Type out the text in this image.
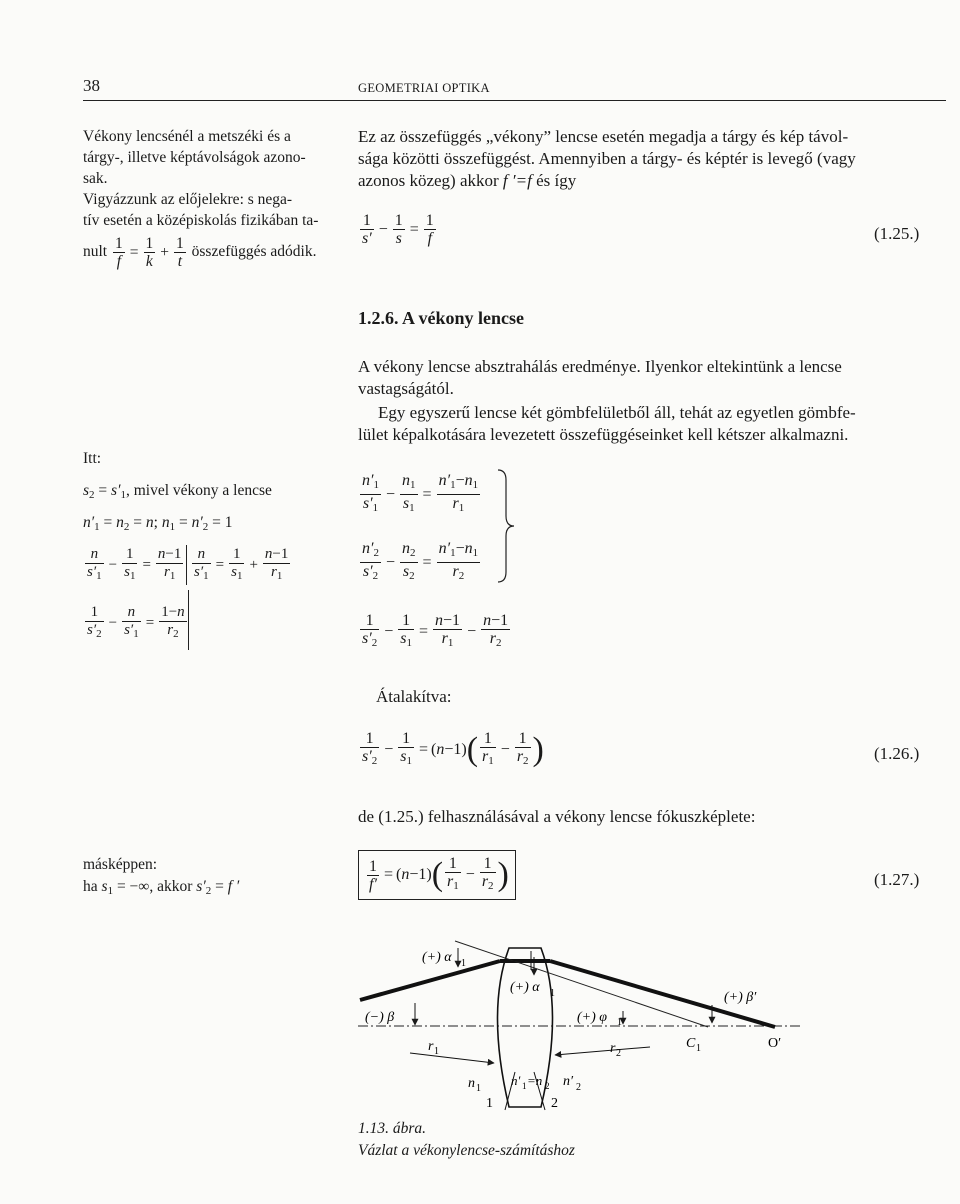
38	GEOMETRIAI OPTIKA
Vékony lencsénél a metszéki és a
tárgy-, illetve képtávolságok azono-
sak.
Vigyázzunk az előjelekre: s nega-
tív esetén a középiskolás fizikában ta-
nult $\frac{1}{f} = \frac{1}{k} + \frac{1}{t}$ összefüggés adódik.
Ez az összefüggés „vékony” lencse esetén megadja a tárgy és kép távol-
sága közötti összefüggést. Amennyiben a tárgy- és képtér is levegő (vagy
azonos közeg) akkor f ′=f és így
$\frac{1}{s'} - \frac{1}{s} = \frac{1}{f}$	(1.25.)
1.2.6. A vékony lencse
A vékony lencse absztrahálás eredménye. Ilyenkor eltekintünk a lencse
vastagságától.
Egy egyszerű lencse két gömbfelületből áll, tehát az egyetlen gömbfe-
lület képalkotására levezetett összefüggéseinket kell kétszer alkalmazni.
Itt:
$s_2 = s'_1$, mivel vékony a lencse
$n'_1 = n_2 = n$; $n_1 = n'_2 = 1$
$\frac{n}{s'_1} - \frac{1}{s_1} = \frac{n-1}{r_1} \frac{n}{s'_1} = \frac{1}{s_1} + \frac{n-1}{r_1}$
$\frac{1}{s'_2} - \frac{n}{s'_1} = \frac{1-n}{r_2}$
$\frac{n'_1}{s'_1} - \frac{n_1}{s_1} = \frac{n'_1-n_1}{r_1}$
$\frac{n'_2}{s'_2} - \frac{n_2}{s_2} = \frac{n'_1-n_1}{r_2}$
$\frac{1}{s'_2} - \frac{1}{s_1} = \frac{n-1}{r_1} - \frac{n-1}{r_2}$
Átalakítva:
$\frac{1}{s'_2} - \frac{1}{s_1} = (n-1)( \frac{1}{r_1} - \frac{1}{r_2}$ )	(1.26.)
de (1.25.) felhasználásával a vékony lencse fókuszképlete:
másképpen:
ha $s_1$ = −∞, akkor $s'_2 = f$ ′	$\frac{1}{f'} = (n-1)( \frac{1}{r_1} - \frac{1}{r_2}$ )	(1.27.)
(+) α 1
(+) α 1
(−) β	(+) φ 1
(+) β′
r 1	r 2
C 1	O′
n 1
n′ 1 =n 2 n′ 2
1	2
1.13. ábra.
Vázlat a vékonylencse-számításhoz
